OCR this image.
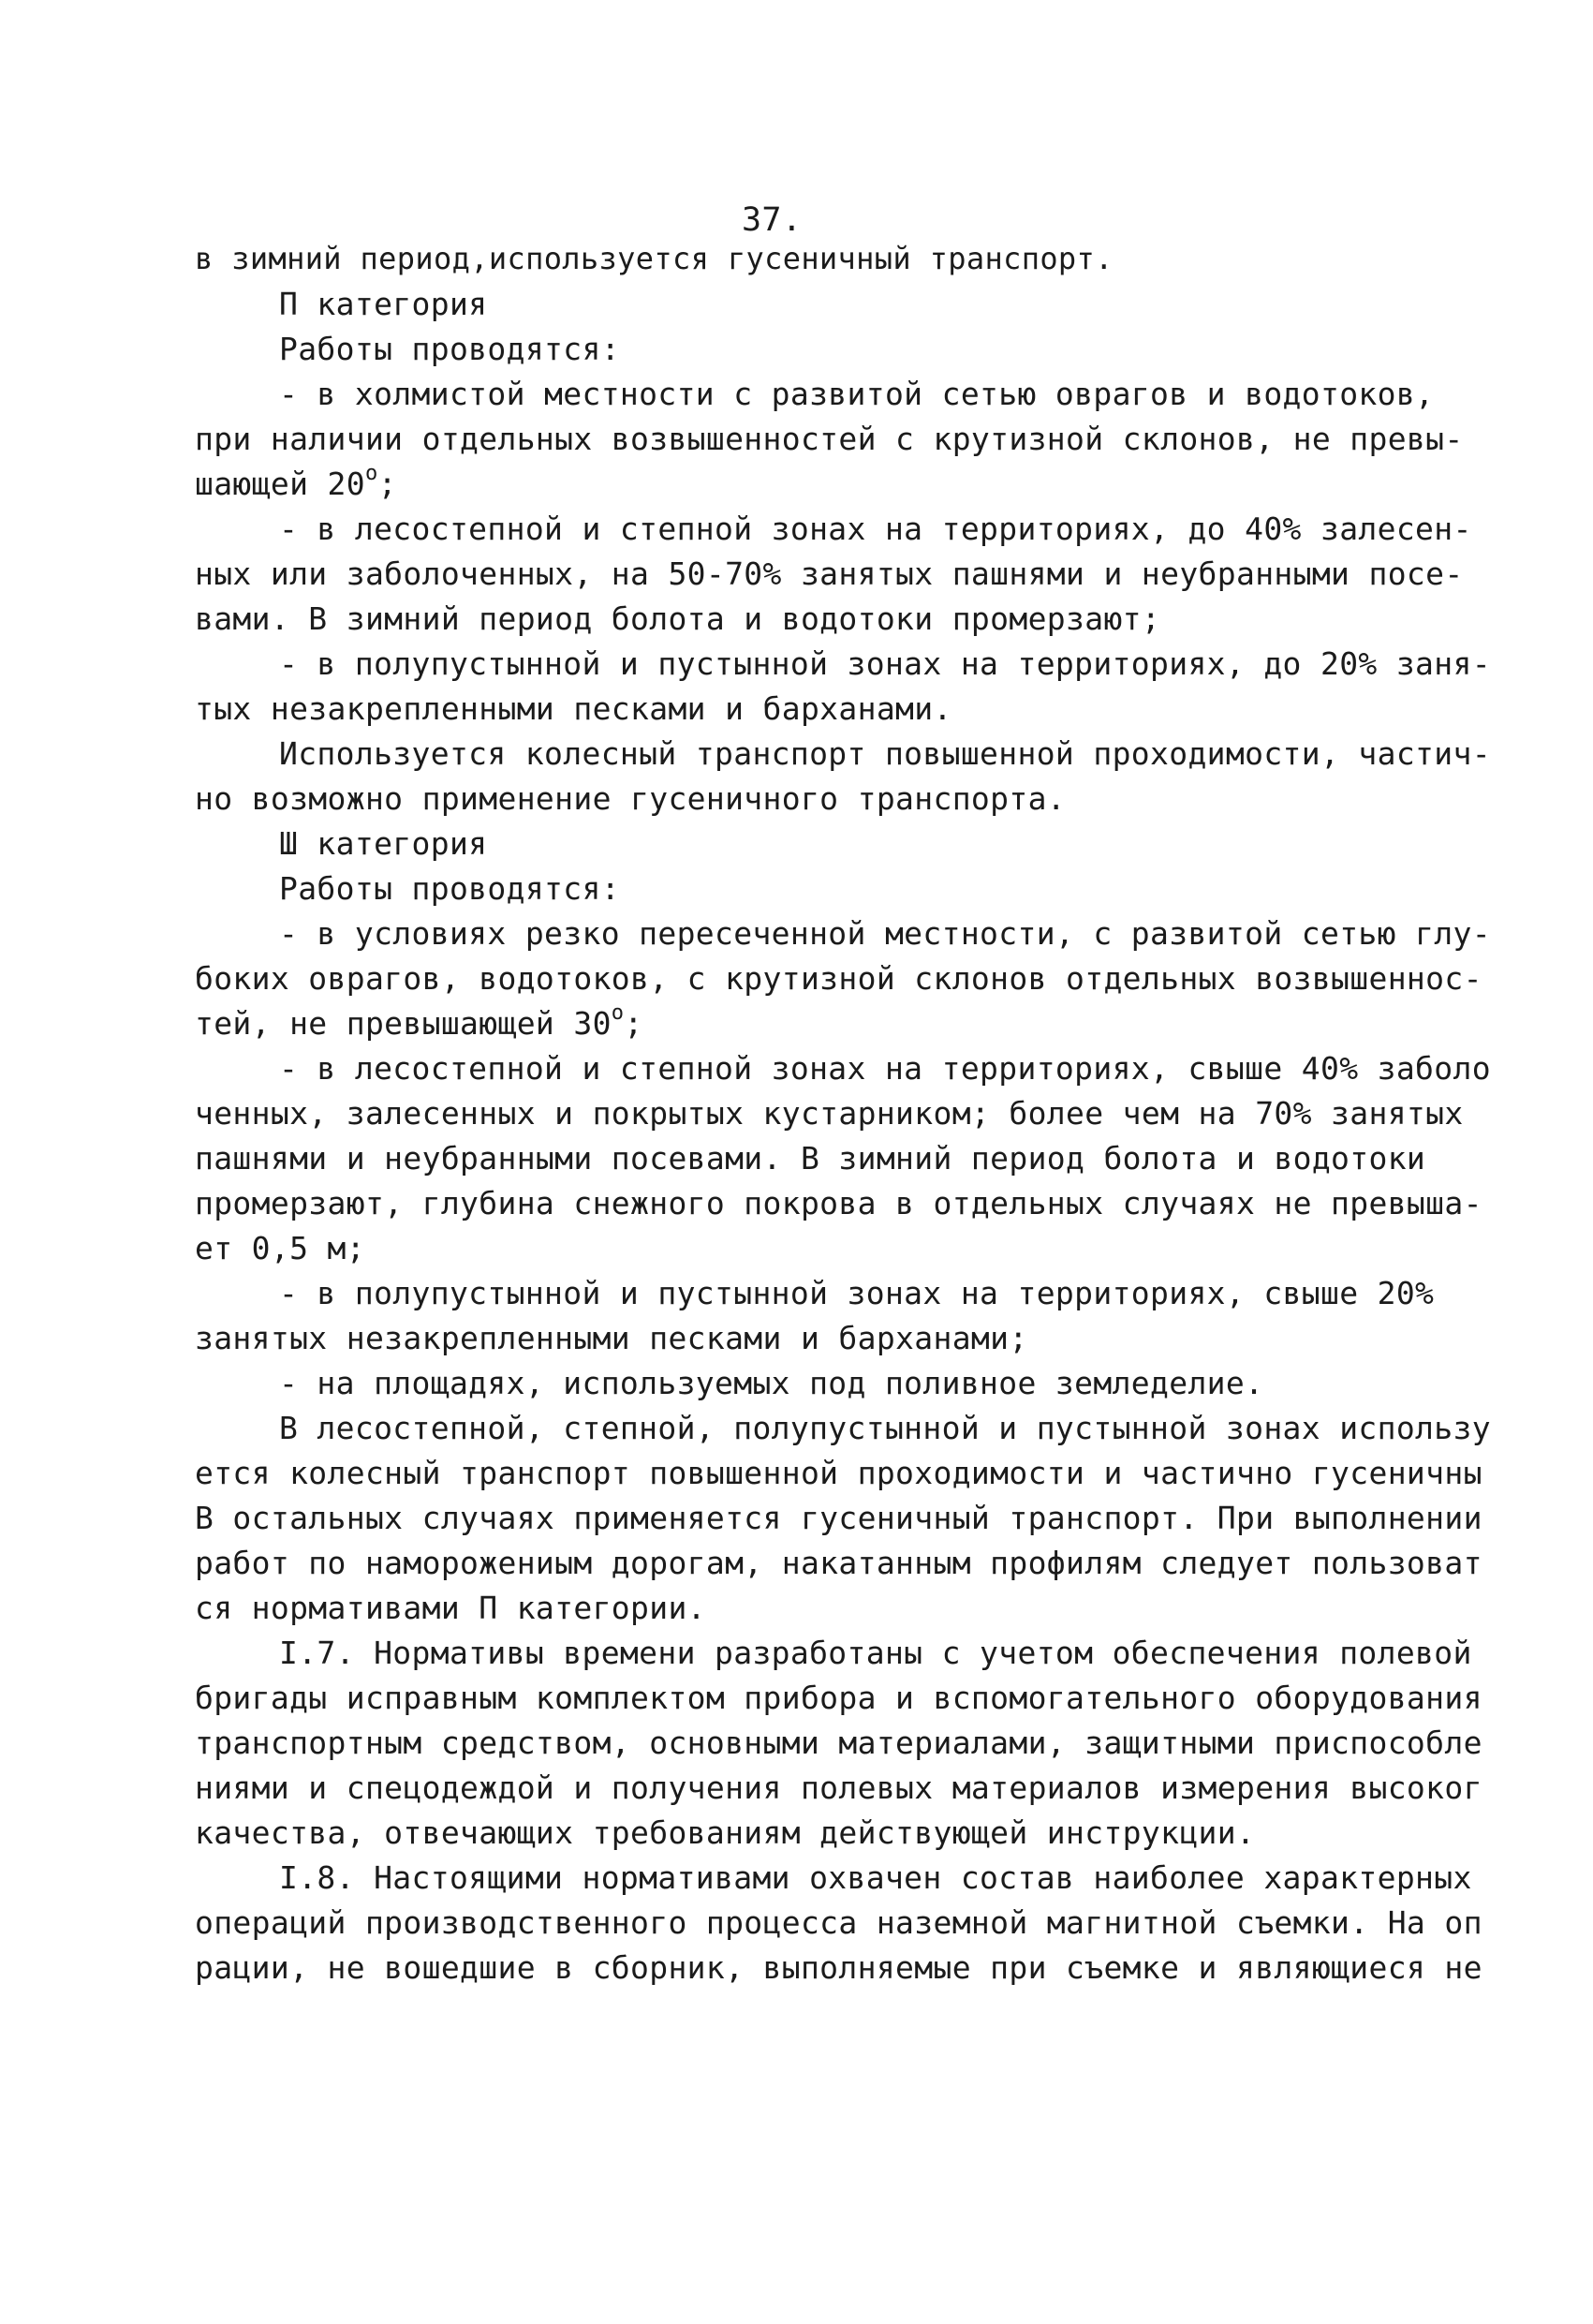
37.
в зимний период,используется гусеничный транспорт.
П категория
Работы проводятся:
- в холмистой местности с развитой сетью оврагов и водотоков,
при наличии отдельных возвышенностей с крутизной склонов, не превы-
шающей 20$^o$;
- в лесостепной и степной зонах на территориях, до 40% залесен-
ных или заболоченных, на 50-70% занятых пашнями и неубранными посе-
вами. В зимний период болота и водотоки промерзают;
- в полупустынной и пустынной зонах на территориях, до 20% заня-
тых незакрепленными песками и барханами.
Используется колесный транспорт повышенной проходимости, частич-
но возможно применение гусеничного транспорта.
Ш категория
Работы проводятся:
- в условиях резко пересеченной местности, с развитой сетью глу-
боких оврагов, водотоков, с крутизной склонов отдельных возвышеннос-
тей, не превышающей 30$^o$;
- в лесостепной и степной зонах на территориях, свыше 40% заболо
ченных, залесенных и покрытых кустарником; более чем на 70% занятых
пашнями и неубранными посевами. В зимний период болота и водотоки
промерзают, глубина снежного покрова в отдельных случаях не превыша-
ет 0,5 м;
- в полупустынной и пустынной зонах на территориях, свыше 20%
занятых незакрепленными песками и барханами;
- на площадях, используемых под поливное земледелие.
В лесостепной, степной, полупустынной и пустынной зонах использу
ется колесный транспорт повышенной проходимости и частично гусеничны
В остальных случаях применяется гусеничный транспорт. При выполнении
работ по наморожениым дорогам, накатанным профилям следует пользоват
ся нормативами П категории.
I.7. Нормативы времени разработаны с учетом обеспечения полевой
бригады исправным комплектом прибора и вспомогательного оборудования
транспортным средством, основными материалами, защитными приспособле
ниями и спецодеждой и получения полевых материалов измерения высоког
качества, отвечающих требованиям действующей инструкции.
I.8. Настоящими нормативами охвачен состав наиболее характерных
операций производственного процесса наземной магнитной съемки. На оп
рации, не вошедшие в сборник, выполняемые при съемке и являющиеся не
